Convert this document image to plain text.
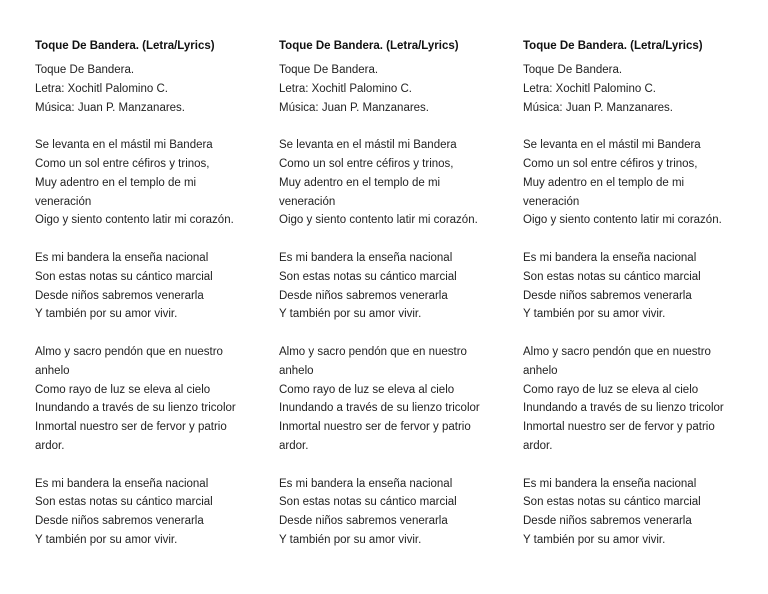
Toque De Bandera. (Letra/Lyrics)
Toque De Bandera.
Letra: Xochitl Palomino C.
Música: Juan P. Manzanares.
Se levanta en el mástil mi Bandera
Como un sol entre céfiros y trinos,
Muy adentro en el templo de mi
veneración
Oigo y siento contento latir mi corazón.
Es mi bandera la enseña nacional
Son estas notas su cántico marcial
Desde niños sabremos venerarla
Y también por su amor vivir.
Almo y sacro pendón que en nuestro
anhelo
Como rayo de luz se eleva al cielo
Inundando a través de su lienzo tricolor
Inmortal nuestro ser de fervor y patrio
ardor.
Es mi bandera la enseña nacional
Son estas notas su cántico marcial
Desde niños sabremos venerarla
Y también por su amor vivir.
Toque De Bandera. (Letra/Lyrics)
Toque De Bandera.
Letra: Xochitl Palomino C.
Música: Juan P. Manzanares.
Se levanta en el mástil mi Bandera
Como un sol entre céfiros y trinos,
Muy adentro en el templo de mi
veneración
Oigo y siento contento latir mi corazón.
Es mi bandera la enseña nacional
Son estas notas su cántico marcial
Desde niños sabremos venerarla
Y también por su amor vivir.
Almo y sacro pendón que en nuestro
anhelo
Como rayo de luz se eleva al cielo
Inundando a través de su lienzo tricolor
Inmortal nuestro ser de fervor y patrio
ardor.
Es mi bandera la enseña nacional
Son estas notas su cántico marcial
Desde niños sabremos venerarla
Y también por su amor vivir.
Toque De Bandera. (Letra/Lyrics)
Toque De Bandera.
Letra: Xochitl Palomino C.
Música: Juan P. Manzanares.
Se levanta en el mástil mi Bandera
Como un sol entre céfiros y trinos,
Muy adentro en el templo de mi
veneración
Oigo y siento contento latir mi corazón.
Es mi bandera la enseña nacional
Son estas notas su cántico marcial
Desde niños sabremos venerarla
Y también por su amor vivir.
Almo y sacro pendón que en nuestro
anhelo
Como rayo de luz se eleva al cielo
Inundando a través de su lienzo tricolor
Inmortal nuestro ser de fervor y patrio
ardor.
Es mi bandera la enseña nacional
Son estas notas su cántico marcial
Desde niños sabremos venerarla
Y también por su amor vivir.
